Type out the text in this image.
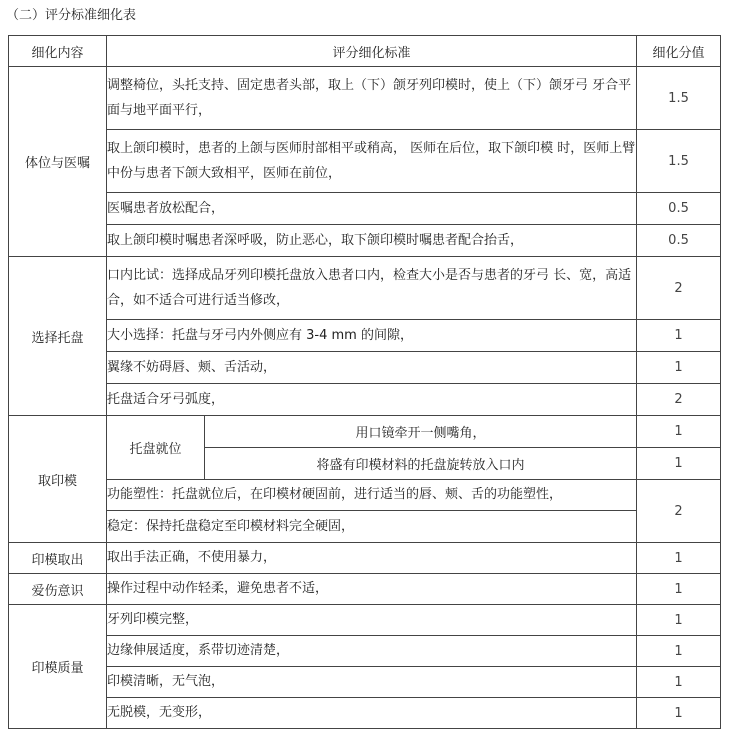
（二）评分标准细化表
细化内容	评分细化标准		细化分值
体位与医嘱	调整椅位，头托支持、固定患者头部，取上（下）颌牙列印模时，使上（下）颌牙弓 牙合平面与地平面平行，		1.5
	取上颌印模时，患者的上颌与医师肘部相平或稍高， 医师在后位，取下颌印模 时，医师上臂中份与患者下颌大致相平，医师在前位，		1.5
	医嘱患者放松配合，		0.5
	取上颌印模时嘱患者深呼吸，防止恶心，取下颌印模时嘱患者配合抬舌，		0.5
选择托盘	口内比试：选择成品牙列印模托盘放入患者口内，检查大小是否与患者的牙弓 长、宽，高适合，如不适合可进行适当修改，		2
	大小选择：托盘与牙弓内外侧应有 3-4 mm 的间隙，		1
	翼缘不妨碍唇、颊、舌活动，		1
	托盘适合牙弓弧度，		2
取印模	托盘就位	用口镜牵开一侧嘴角，	1
		将盛有印模材料的托盘旋转放入口内	1
	功能塑性：托盘就位后，在印模材硬固前，进行适当的唇、颊、舌的功能塑性，		2
	稳定：保持托盘稳定至印模材料完全硬固，		
印模取出	取出手法正确，不使用暴力，		1
爱伤意识	操作过程中动作轻柔，避免患者不适，		1
印模质量	牙列印模完整，		1
	边缘伸展适度，系带切迹清楚，		1
	印模清晰，无气泡，		1
	无脱模，无变形，		1
